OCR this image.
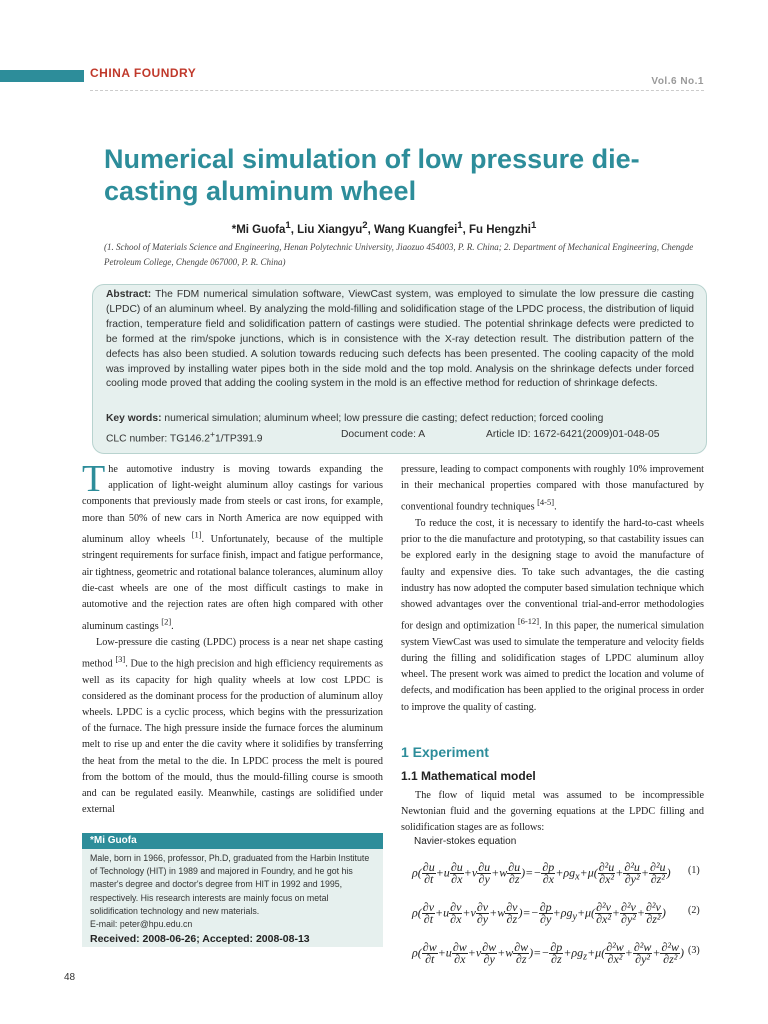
CHINA FOUNDRY
Vol.6 No.1
Numerical simulation of low pressure die-casting aluminum wheel
*Mi Guofa$^1$, Liu Xiangyu$^2$, Wang Kuangfei$^1$, Fu Hengzhi$^1$
(1. School of Materials Science and Engineering, Henan Polytechnic University, Jiaozuo 454003, P. R. China; 2. Department of Mechanical Engineering, Chengde Petroleum College, Chengde 067000, P. R. China)

Abstract: The FDM numerical simulation software, ViewCast system, was employed to simulate the low pressure die casting (LPDC) of an aluminum wheel. By analyzing the mold-filling and solidification stage of the LPDC process, the distribution of liquid fraction, temperature field and solidification pattern of castings were studied. The potential shrinkage defects were predicted to be formed at the rim/spoke junctions, which is in consistence with the X-ray detection result. The distribution pattern of the defects has also been studied. A solution towards reducing such defects has been presented. The cooling capacity of the mold was improved by installing water pipes both in the side mold and the top mold. Analysis on the shrinkage defects under forced cooling mode proved that adding the cooling system in the mold is an effective method for reduction of shrinkage defects.

Key words: numerical simulation; aluminum wheel; low pressure die casting; defect reduction; forced cooling
CLC number: TG146.2+1/TP391.9	Document code: A	Article ID: 1672-6421(2009)01-048-05

The automotive industry is moving towards expanding the application of light-weight aluminum alloy castings for various components that previously made from steels or cast irons, for example, more than 50% of new cars in North America are now equipped with aluminum alloy wheels [1]. Unfortunately, because of the multiple stringent requirements for surface finish, impact and fatigue performance, air tightness, geometric and rotational balance tolerances, aluminum alloy die-cast wheels are one of the most difficult castings to make in automotive and the rejection rates are often high compared with other aluminum castings [2].

Low-pressure die casting (LPDC) process is a near net shape casting method [3]. Due to the high precision and high efficiency requirements as well as its capacity for high quality wheels at low cost LPDC is considered as the dominant process for the production of aluminum alloy wheels. LPDC is a cyclic process, which begins with the pressurization of the furnace. The high pressure inside the furnace forces the aluminum melt to rise up and enter the die cavity where it solidifies by transferring the heat from the metal to the die. In LPDC process the melt is poured from the bottom of the mould, thus the mould-filling course is smooth and can be regulated easily. Meanwhile, castings are solidified under external

pressure, leading to compact components with roughly 10% improvement in their mechanical properties compared with those manufactured by conventional foundry techniques [4-5].

To reduce the cost, it is necessary to identify the hard-to-cast wheels prior to the die manufacture and prototyping, so that castability issues can be explored early in the designing stage to avoid the manufacture of faulty and expensive dies. To take such advantages, the die casting industry has now adopted the computer based simulation technique which showed advantages over the conventional trial-and-error methodologies for design and optimization [6-12]. In this paper, the numerical simulation system ViewCast was used to simulate the temperature and velocity fields during the filling and solidification stages of LPDC aluminum alloy wheel. The present work was aimed to predict the location and volume of defects, and modification has been applied to the original process in order to improve the quality of casting.

1 Experiment
1.1 Mathematical model

The flow of liquid metal was assumed to be incompressible Newtonian fluid and the governing equations at the LPDC filling and solidification stages are as follows:

Navier-stokes equation
$\rho( \frac{\partial u}{\partial t} +u \frac{\partial u}{\partial x} +v \frac{\partial u}{\partial y} +w \frac{\partial u}{\partial z}$ )=− $\frac{\partial p}{\partial x} +\rho g_x+\mu( \frac{\text{∂²u}}{\text{∂x²}} + \frac{\text{∂²u}}{\text{∂y²}} + \frac{\text{∂²u}}{\text{∂z²}}$ ) (1)
$\rho( \frac{\partial v}{\partial t} +u \frac{\partial v}{\partial x} +v \frac{\partial v}{\partial y} +w \frac{\partial v}{\partial z}$ )=− $\frac{\partial p}{\partial y} +\rho g_y+\mu( \frac{\text{∂²v}}{\text{∂x²}} + \frac{\text{∂²v}}{\text{∂y²}} + \frac{\text{∂²v}}{\text{∂z²}}$ ) (2)
$\rho( \frac{\partial w}{\partial t} +u \frac{\partial w}{\partial x} +v \frac{\partial w}{\partial y} +w \frac{\partial w}{\partial z}$ )=− $\frac{\partial p}{\partial z} +\rho g_z+\mu( \frac{\text{∂²w}}{\text{∂x²}} + \frac{\text{∂²w}}{\text{∂y²}} + \frac{\text{∂²w}}{\text{∂z²}}$ ) (3)
*Mi Guofa

Male, born in 1966, professor, Ph.D, graduated from the Harbin Institute of Technology (HIT) in 1989 and majored in Foundry, and he got his master's degree and doctor's degree from HIT in 1992 and 1995, respectively. His research interests are mainly focus on metal solidification technology and new materials.
E-mail: peter@hpu.edu.cn

Received: 2008-06-26; Accepted: 2008-08-13
48
